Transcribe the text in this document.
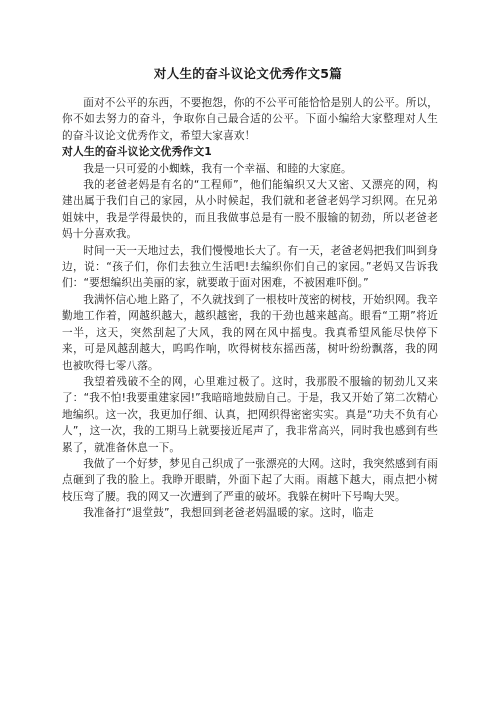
对人生的奋斗议论文优秀作文5篇

面对不公平的东西，不要抱怨，你的不公平可能恰恰是别人的公平。所以，你不如去努力的奋斗，争取你自己最合适的公平。下面小编给大家整理对人生的奋斗议论文优秀作文，希望大家喜欢！

对人生的奋斗议论文优秀作文1

我是一只可爱的小蜘蛛，我有一个幸福、和睦的大家庭。

我的老爸老妈是有名的“工程师”，他们能编织又大又密、又漂亮的网，构建出属于我们自己的家园，从小时候起，我们就和老爸老妈学习织网。在兄弟姐妹中，我是学得最快的，而且我做事总是有一股不服输的韧劲，所以老爸老妈十分喜欢我。

时间一天一天地过去，我们慢慢地长大了。有一天，老爸老妈把我们叫到身边，说：“孩子们，你们去独立生活吧!去编织你们自己的家园。”老妈又告诉我们：“要想编织出美丽的家，就要敢于面对困难，不被困难吓倒。”

我满怀信心地上路了，不久就找到了一根枝叶茂密的树枝，开始织网。我辛勤地工作着，网越织越大，越织越密，我的干劲也越来越高。眼看“工期”将近一半，这天，突然刮起了大风，我的网在风中摇曳。我真希望风能尽快停下来，可是风越刮越大，呜呜作响，吹得树枝东摇西荡，树叶纷纷飘落，我的网也被吹得七零八落。

我望着残破不全的网，心里难过极了。这时，我那股不服输的韧劲儿又来了：“我不怕!我要重建家园!”我暗暗地鼓励自己。于是，我又开始了第二次精心地编织。这一次，我更加仔细、认真，把网织得密密实实。真是“功夫不负有心人”，这一次，我的工期马上就要接近尾声了，我非常高兴，同时我也感到有些累了，就准备休息一下。

我做了一个好梦，梦见自己织成了一张漂亮的大网。这时，我突然感到有雨点砸到了我的脸上。我睁开眼睛，外面下起了大雨。雨越下越大，雨点把小树枝压弯了腰。我的网又一次遭到了严重的破坏。我躲在树叶下号啕大哭。

我准备打“退堂鼓”，我想回到老爸老妈温暖的家。这时，临走
